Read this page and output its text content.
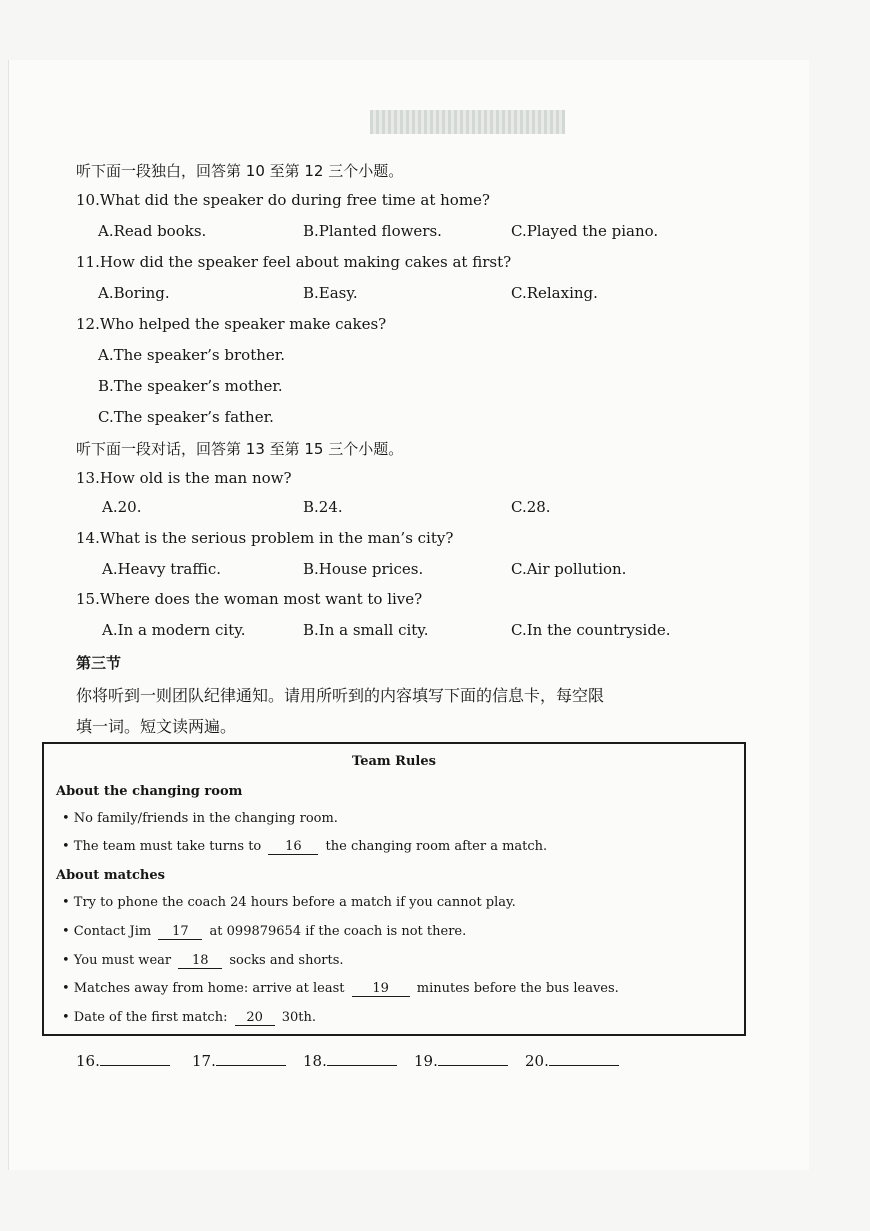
听下面一段独白，回答第 10 至第 12 三个小题。
10.What did the speaker do during free time at home?
A.Read books.	B.Planted flowers.	C.Played the piano.
11.How did the speaker feel about making cakes at first?
A.Boring.	B.Easy.	C.Relaxing.
12.Who helped the speaker make cakes?
A.The speaker’s brother.
B.The speaker’s mother.
C.The speaker’s father.
听下面一段对话，回答第 13 至第 15 三个小题。
13.How old is the man now?
A.20.	B.24.	C.28.
14.What is the serious problem in the man’s city?
A.Heavy traffic.	B.House prices.	C.Air pollution.
15.Where does the woman most want to live?
A.In a modern city.	B.In a small city.	C.In the countryside.
第三节
你将听到一则团队纪律通知。请用所听到的内容填写下面的信息卡，每空限
填一词。短文读两遍。
Team Rules
About the changing room
• No family/friends in the changing room.
• The team must take turns to 16 the changing room after a match.
About matches
• Try to phone the coach 24 hours before a match if you cannot play.
• Contact Jim 17 at 099879654 if the coach is not there.
• You must wear 18 socks and shorts.
• Matches away from home: arrive at least 19 minutes before the bus leaves.
• Date of the first match: 20 30th.
16.	17.	18.	19.	20.
